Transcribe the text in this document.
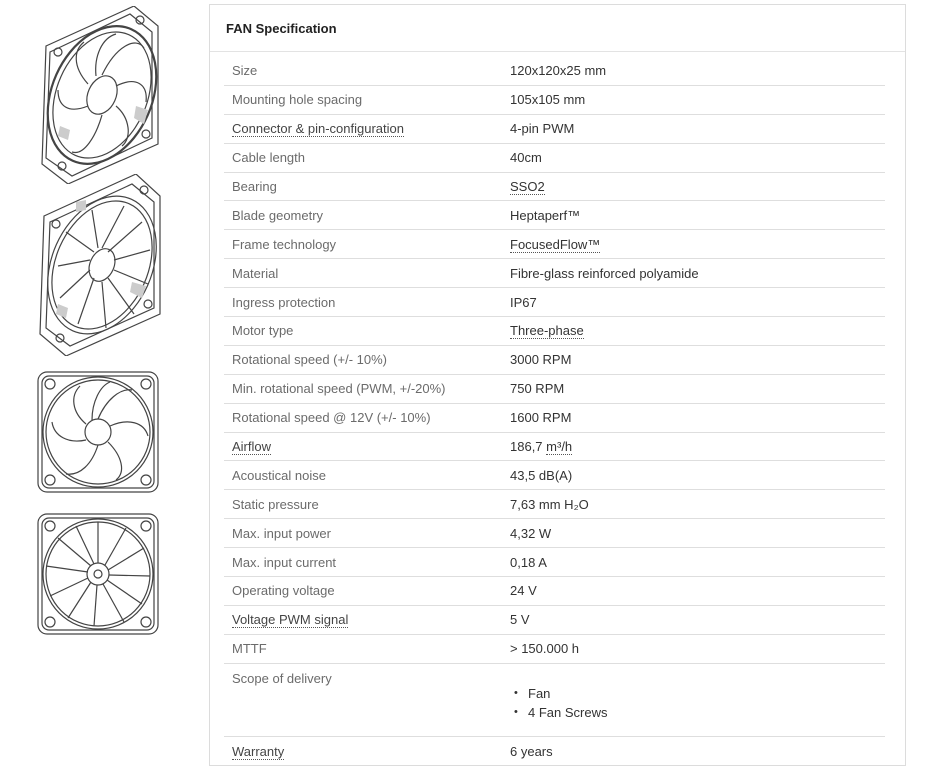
FAN Specification
Size	120x120x25 mm
Mounting hole spacing	105x105 mm
Connector & pin-configuration	4-pin PWM
Cable length	40cm
Bearing	SSO2
Blade geometry	Heptaperf™
Frame technology	FocusedFlow™
Material	Fibre-glass reinforced polyamide
Ingress protection	IP67
Motor type	Three-phase
Rotational speed (+/- 10%)	3000 RPM
Min. rotational speed (PWM, +/-20%)	750 RPM
Rotational speed @ 12V (+/- 10%)	1600 RPM
Airflow	186,7 m³/h
Acoustical noise	43,5 dB(A)
Static pressure	7,63 mm H₂O
Max. input power	4,32 W
Max. input current	0,18 A
Operating voltage	24 V
Voltage PWM signal	5 V
MTTF	> 150.000 h
Scope of delivery
• Fan
• 4 Fan Screws
Warranty	6 years
